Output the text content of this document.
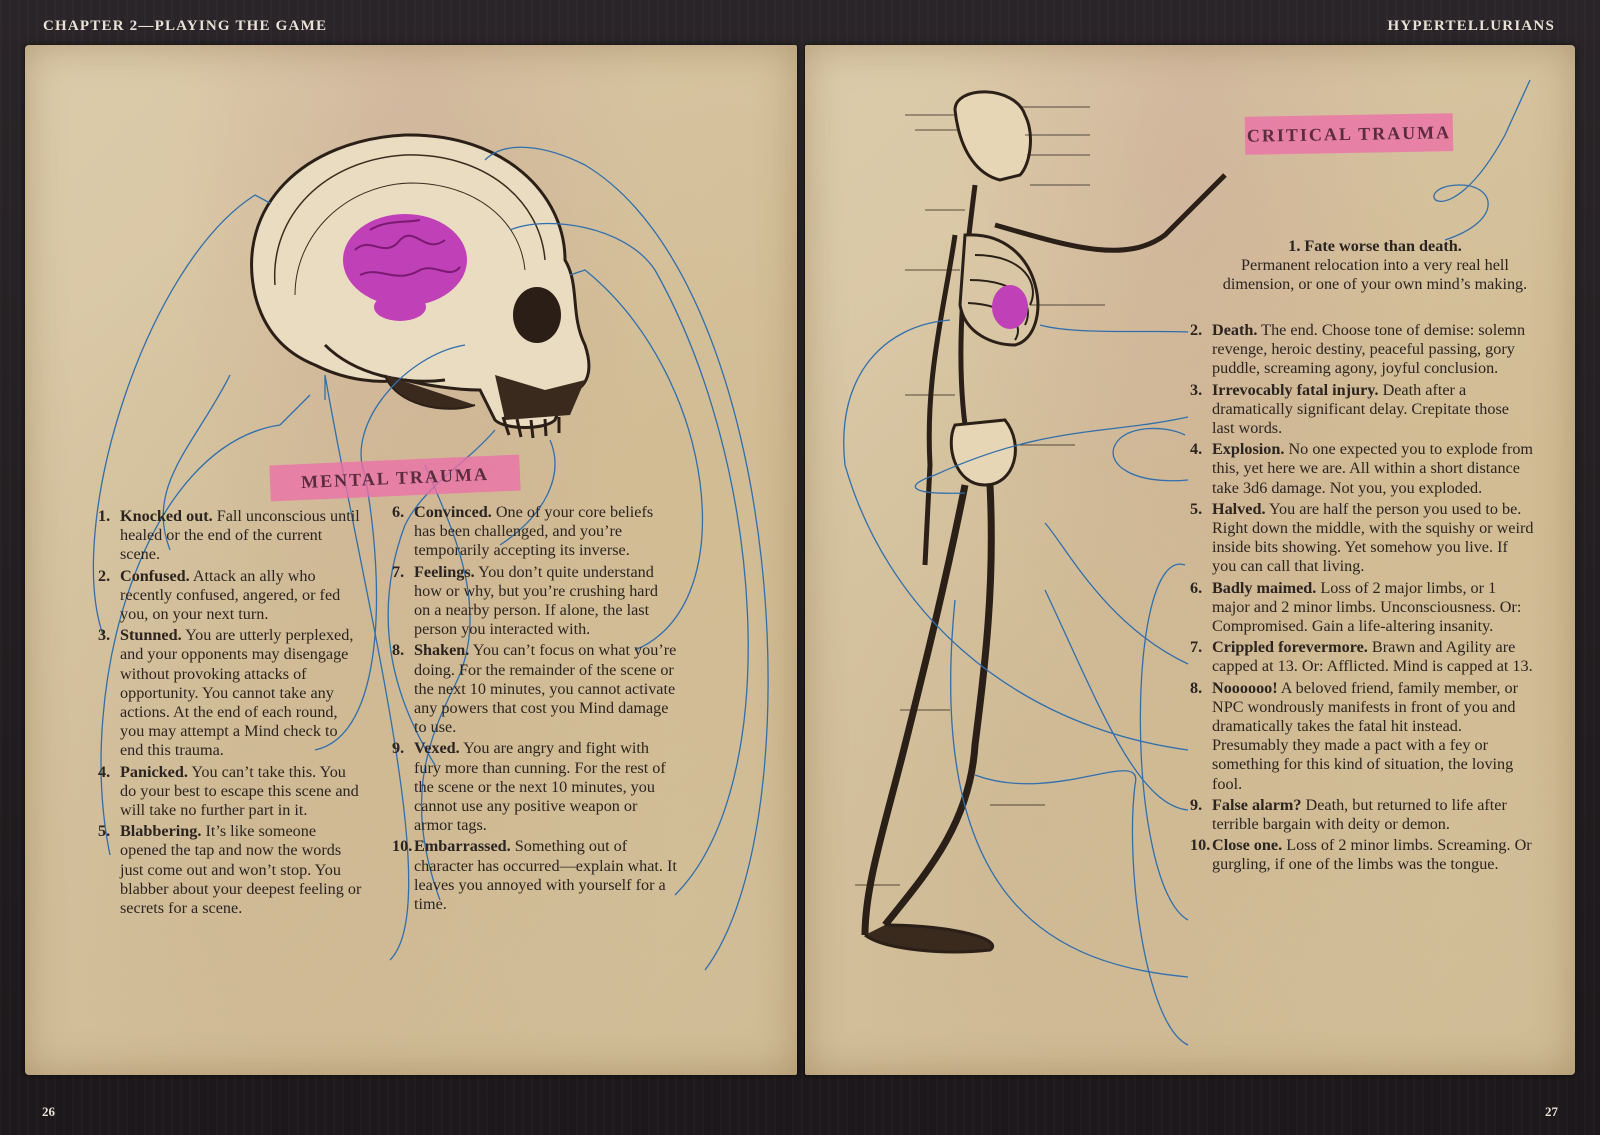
CHAPTER 2—PLAYING THE GAME	HYPERTELLURIANS
MENTAL TRAUMA
1. Knocked out. Fall unconscious until healed or the end of the current scene.
2. Confused. Attack an ally who recently confused, angered, or fed you, on your next turn.
3. Stunned. You are utterly perplexed, and your opponents may disengage without provoking attacks of opportunity. You cannot take any actions. At the end of each round, you may attempt a Mind check to end this trauma.
4. Panicked. You can’t take this. You do your best to escape this scene and will take no further part in it.
5. Blabbering. It’s like someone opened the tap and now the words just come out and won’t stop. You blabber about your deepest feeling or secrets for a scene.
6. Convinced. One of your core beliefs has been challenged, and you’re temporarily accepting its inverse.
7. Feelings. You don’t quite understand how or why, but you’re crushing hard on a nearby person. If alone, the last person you interacted with.
8. Shaken. You can’t focus on what you’re doing. For the remainder of the scene or the next 10 minutes, you cannot activate any powers that cost you Mind damage to use.
9. Vexed. You are angry and fight with fury more than cunning. For the rest of the scene or the next 10 minutes, you cannot use any positive weapon or armor tags.
10. Embarrassed. Something out of character has occurred—explain what. It leaves you annoyed with yourself for a time.
26
CRITICAL TRAUMA
1. Fate worse than death.
Permanent relocation into a very real hell dimension, or one of your own mind’s making.
2. Death. The end. Choose tone of demise: solemn revenge, heroic destiny, peaceful passing, gory puddle, screaming agony, joyful conclusion.
3. Irrevocably fatal injury. Death after a dramatically significant delay. Crepitate those last words.
4. Explosion. No one expected you to explode from this, yet here we are. All within a short distance take 3d6 damage. Not you, you exploded.
5. Halved. You are half the person you used to be. Right down the middle, with the squishy or weird inside bits showing. Yet somehow you live. If you can call that living.
6. Badly maimed. Loss of 2 major limbs, or 1 major and 2 minor limbs. Unconsciousness. Or: Compromised. Gain a life-altering insanity.
7. Crippled forevermore. Brawn and Agility are capped at 13. Or: Afflicted. Mind is capped at 13.
8. Noooooo! A beloved friend, family member, or NPC wondrously manifests in front of you and dramatically takes the fatal hit instead. Presumably they made a pact with a fey or something for this kind of situation, the loving fool.
9. False alarm? Death, but returned to life after terrible bargain with deity or demon.
10. Close one. Loss of 2 minor limbs. Screaming. Or gurgling, if one of the limbs was the tongue.
27
